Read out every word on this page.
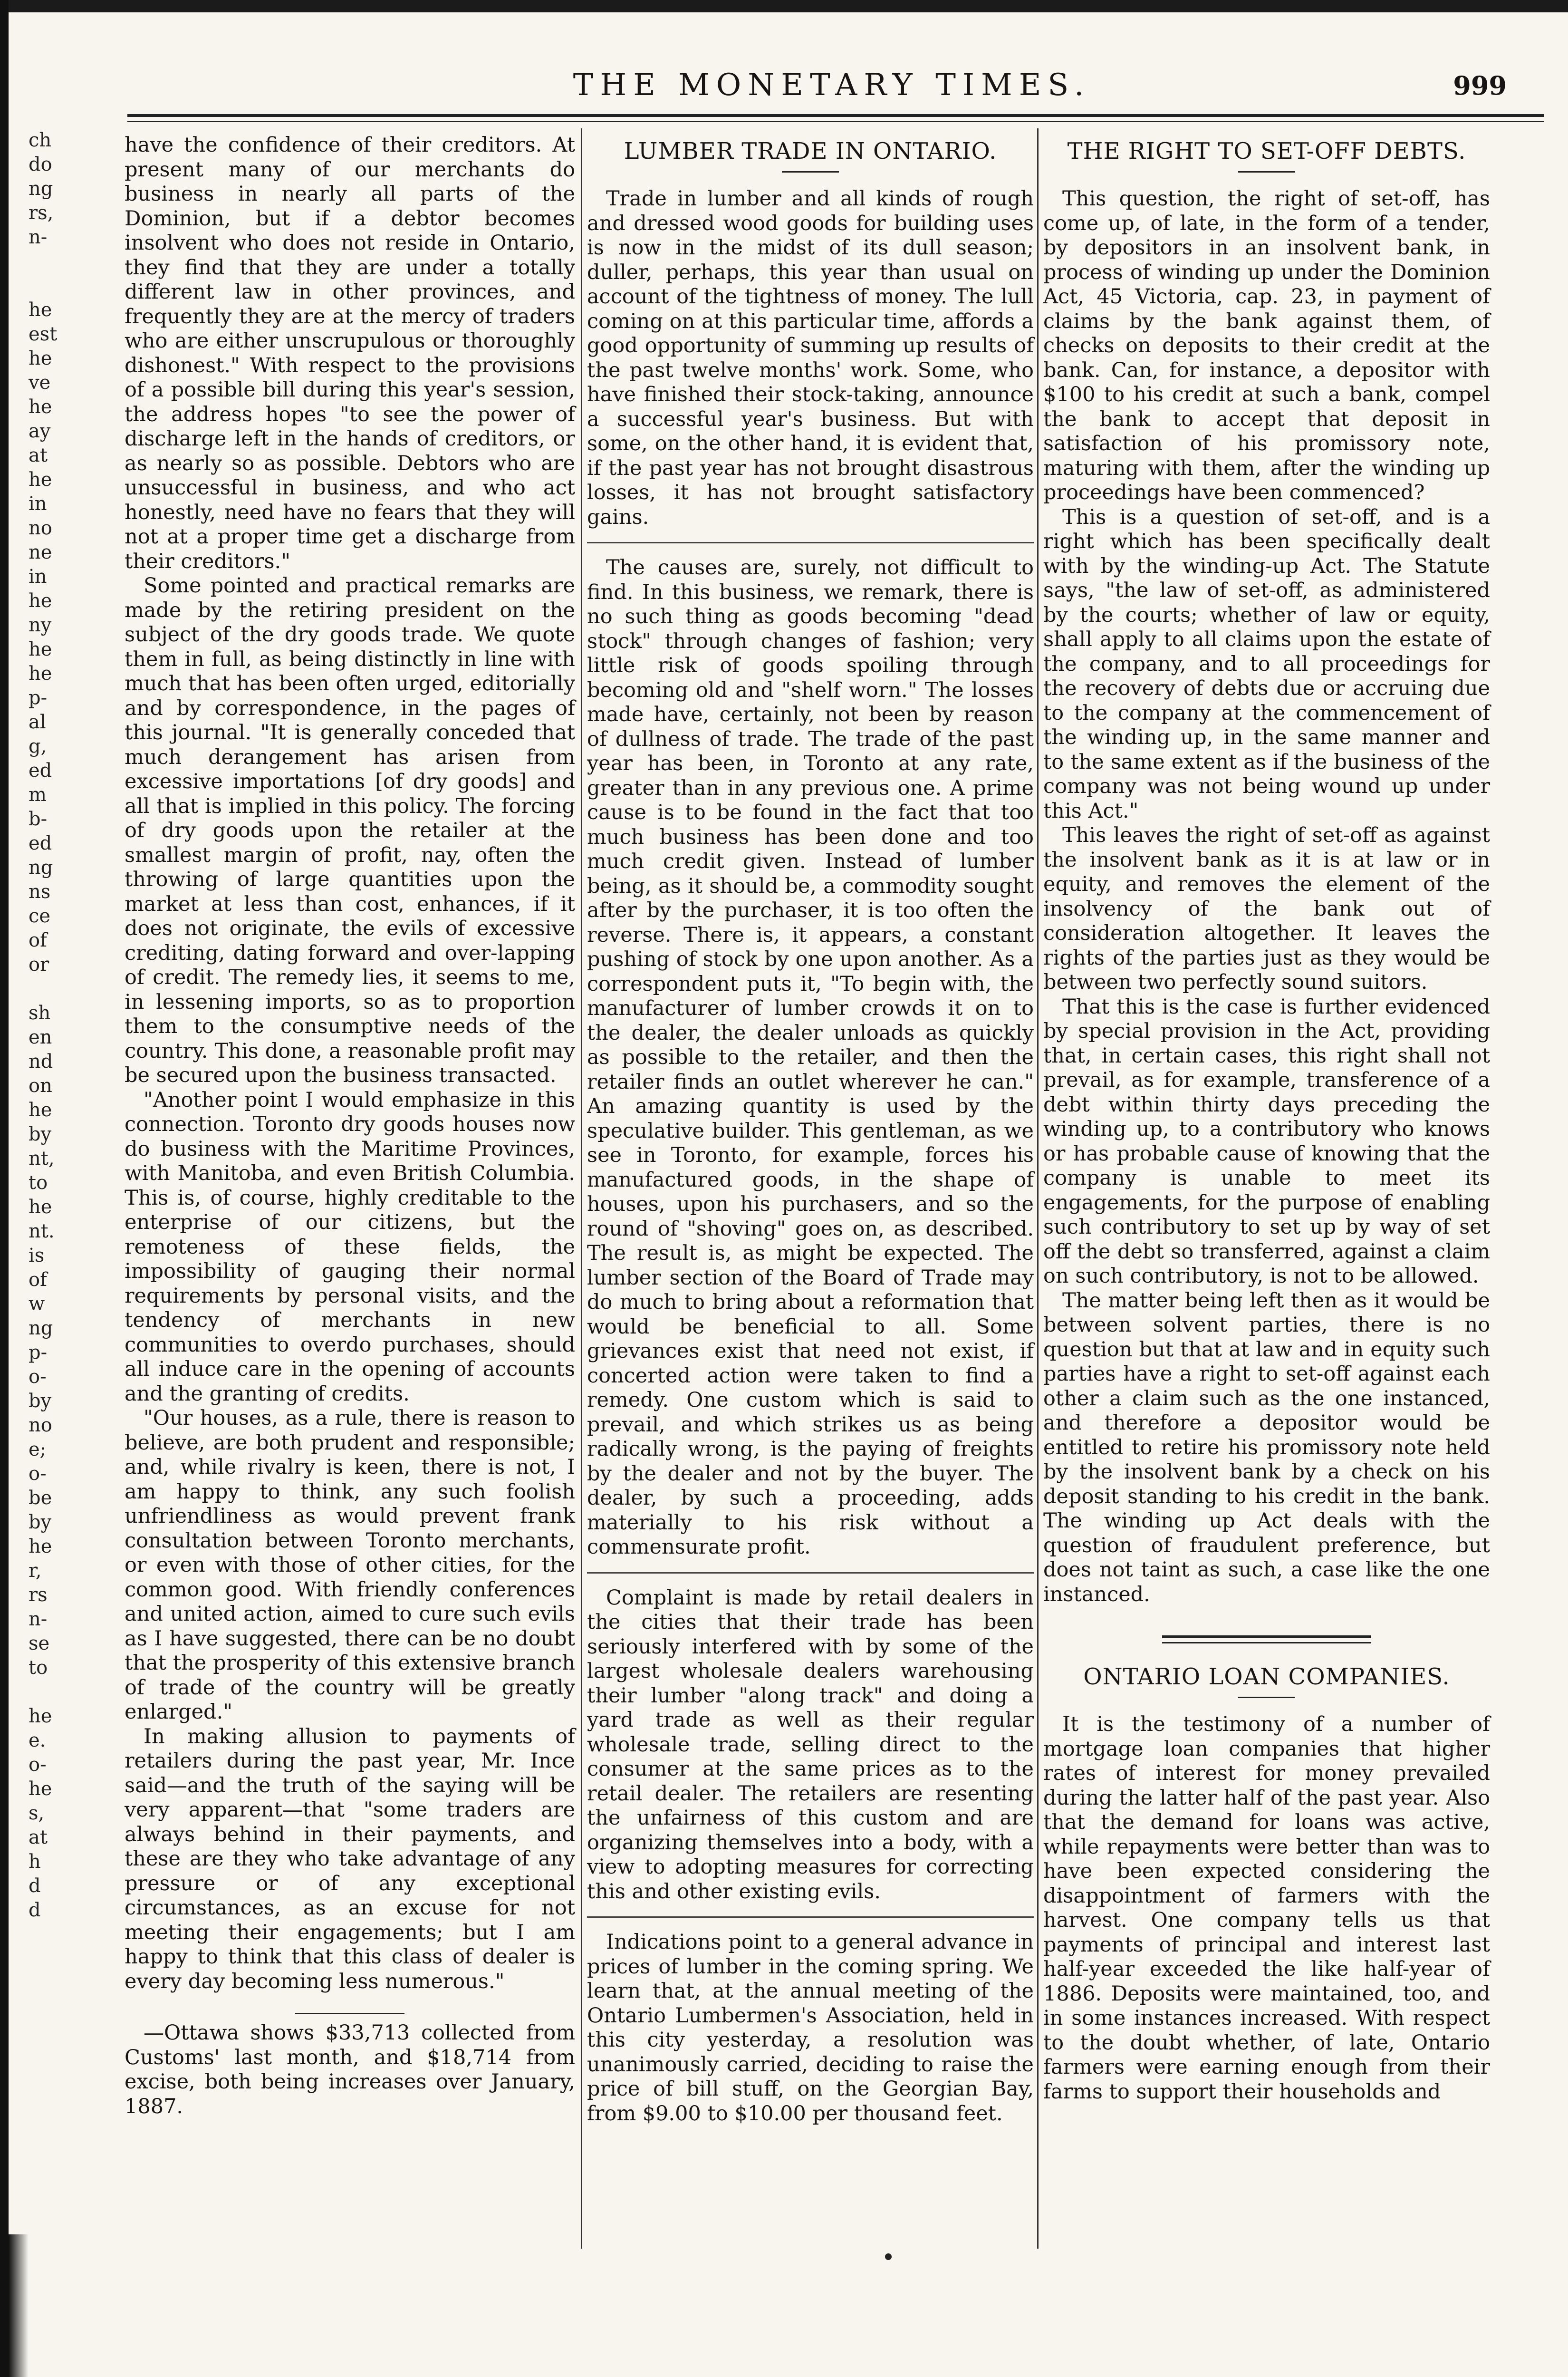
ch
do
ng
rs,
n-

he
est
he
ve
he
ay
at
he
in
no
ne
in
he
ny
he
he
p-
al
g,
ed
m
b-
ed
ng
ns
ce
of
or

sh
en
nd
on
he
by
nt,
to
he
nt.
is
of
w
ng
p-
o-
by
no
e;
o-
be
by
he
r,
rs
n-
se
to

he
e.
o-
he
s,
at
h
d
d
THE MONETARY TIMES.	999

have the confidence of their creditors. At present many of our merchants do business in nearly all parts of the Dominion, but if a debtor becomes insolvent who does not reside in Ontario, they find that they are under a totally different law in other provinces, and frequently they are at the mercy of traders who are either unscrupulous or thoroughly dishonest." With respect to the provisions of a possible bill during this year's session, the address hopes "to see the power of discharge left in the hands of creditors, or as nearly so as possible. Debtors who are unsuccessful in business, and who act honestly, need have no fears that they will not at a proper time get a discharge from their creditors."

Some pointed and practical remarks are made by the retiring president on the subject of the dry goods trade. We quote them in full, as being distinctly in line with much that has been often urged, editorially and by correspondence, in the pages of this journal. "It is generally conceded that much derangement has arisen from excessive importations [of dry goods] and all that is implied in this policy. The forcing of dry goods upon the retailer at the smallest margin of profit, nay, often the throwing of large quantities upon the market at less than cost, enhances, if it does not originate, the evils of excessive crediting, dating forward and over-lapping of credit. The remedy lies, it seems to me, in lessening imports, so as to proportion them to the consumptive needs of the country. This done, a reasonable profit may be secured upon the business transacted.

"Another point I would emphasize in this connection. Toronto dry goods houses now do business with the Maritime Provinces, with Manitoba, and even British Columbia. This is, of course, highly creditable to the enterprise of our citizens, but the remoteness of these fields, the impossibility of gauging their normal requirements by personal visits, and the tendency of merchants in new communities to overdo purchases, should all induce care in the opening of accounts and the granting of credits.

"Our houses, as a rule, there is reason to believe, are both prudent and responsible; and, while rivalry is keen, there is not, I am happy to think, any such foolish unfriendliness as would prevent frank consultation between Toronto merchants, or even with those of other cities, for the common good. With friendly conferences and united action, aimed to cure such evils as I have suggested, there can be no doubt that the prosperity of this extensive branch of trade of the country will be greatly enlarged."

In making allusion to payments of retailers during the past year, Mr. Ince said—and the truth of the saying will be very apparent—that "some traders are always behind in their payments, and these are they who take advantage of any pressure or of any exceptional circumstances, as an excuse for not meeting their engagements; but I am happy to think that this class of dealer is every day becoming less numerous."

—Ottawa shows $33,713 collected from Customs' last month, and $18,714 from excise, both being increases over January, 1887.

LUMBER TRADE IN ONTARIO.

Trade in lumber and all kinds of rough and dressed wood goods for building uses is now in the midst of its dull season; duller, perhaps, this year than usual on account of the tightness of money. The lull coming on at this particular time, affords a good opportunity of summing up results of the past twelve months' work. Some, who have finished their stock-taking, announce a successful year's business. But with some, on the other hand, it is evident that, if the past year has not brought disastrous losses, it has not brought satisfactory gains.

The causes are, surely, not difficult to find. In this business, we remark, there is no such thing as goods becoming "dead stock" through changes of fashion; very little risk of goods spoiling through becoming old and "shelf worn." The losses made have, certainly, not been by reason of dullness of trade. The trade of the past year has been, in Toronto at any rate, greater than in any previous one. A prime cause is to be found in the fact that too much business has been done and too much credit given. Instead of lumber being, as it should be, a commodity sought after by the purchaser, it is too often the reverse. There is, it appears, a constant pushing of stock by one upon another. As a correspondent puts it, "To begin with, the manufacturer of lumber crowds it on to the dealer, the dealer unloads as quickly as possible to the retailer, and then the retailer finds an outlet wherever he can." An amazing quantity is used by the speculative builder. This gentleman, as we see in Toronto, for example, forces his manufactured goods, in the shape of houses, upon his purchasers, and so the round of "shoving" goes on, as described. The result is, as might be expected. The lumber section of the Board of Trade may do much to bring about a reformation that would be beneficial to all. Some grievances exist that need not exist, if concerted action were taken to find a remedy. One custom which is said to prevail, and which strikes us as being radically wrong, is the paying of freights by the dealer and not by the buyer. The dealer, by such a proceeding, adds materially to his risk without a commensurate profit.

Complaint is made by retail dealers in the cities that their trade has been seriously interfered with by some of the largest wholesale dealers warehousing their lumber "along track" and doing a yard trade as well as their regular wholesale trade, selling direct to the consumer at the same prices as to the retail dealer. The retailers are resenting the unfairness of this custom and are organizing themselves into a body, with a view to adopting measures for correcting this and other existing evils.

Indications point to a general advance in prices of lumber in the coming spring. We learn that, at the annual meeting of the Ontario Lumbermen's Association, held in this city yesterday, a resolution was unanimously carried, deciding to raise the price of bill stuff, on the Georgian Bay, from $9.00 to $10.00 per thousand feet.

THE RIGHT TO SET-OFF DEBTS.

This question, the right of set-off, has come up, of late, in the form of a tender, by depositors in an insolvent bank, in process of winding up under the Dominion Act, 45 Victoria, cap. 23, in payment of claims by the bank against them, of checks on deposits to their credit at the bank. Can, for instance, a depositor with $100 to his credit at such a bank, compel the bank to accept that deposit in satisfaction of his promissory note, maturing with them, after the winding up proceedings have been commenced?

This is a question of set-off, and is a right which has been specifically dealt with by the winding-up Act. The Statute says, "the law of set-off, as administered by the courts; whether of law or equity, shall apply to all claims upon the estate of the company, and to all proceedings for the recovery of debts due or accruing due to the company at the commencement of the winding up, in the same manner and to the same extent as if the business of the company was not being wound up under this Act."

This leaves the right of set-off as against the insolvent bank as it is at law or in equity, and removes the element of the insolvency of the bank out of consideration altogether. It leaves the rights of the parties just as they would be between two perfectly sound suitors.

That this is the case is further evidenced by special provision in the Act, providing that, in certain cases, this right shall not prevail, as for example, transference of a debt within thirty days preceding the winding up, to a contributory who knows or has probable cause of knowing that the company is unable to meet its engagements, for the purpose of enabling such contributory to set up by way of set off the debt so transferred, against a claim on such contributory, is not to be allowed.

The matter being left then as it would be between solvent parties, there is no question but that at law and in equity such parties have a right to set-off against each other a claim such as the one instanced, and therefore a depositor would be entitled to retire his promissory note held by the insolvent bank by a check on his deposit standing to his credit in the bank. The winding up Act deals with the question of fraudulent preference, but does not taint as such, a case like the one instanced.

ONTARIO LOAN COMPANIES.

It is the testimony of a number of mortgage loan companies that higher rates of interest for money prevailed during the latter half of the past year. Also that the demand for loans was active, while repayments were better than was to have been expected considering the disappointment of farmers with the harvest. One company tells us that payments of principal and interest last half-year exceeded the like half-year of 1886. Deposits were maintained, too, and in some instances increased. With respect to the doubt whether, of late, Ontario farmers were earning enough from their farms to support their households and
